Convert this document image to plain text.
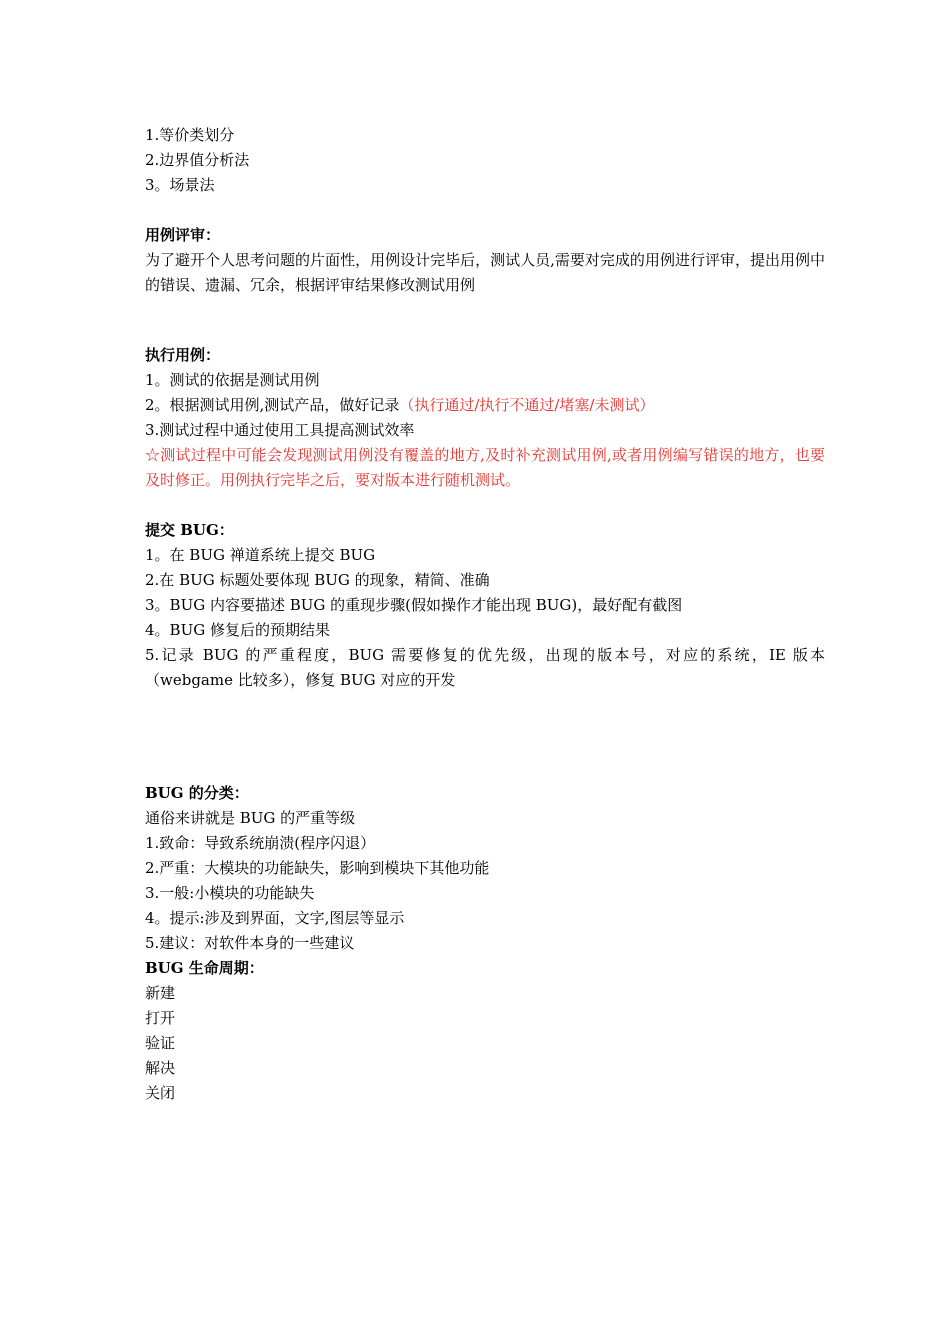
1.等价类划分
2.边界值分析法
3。场景法
用例评审：
为了避开个人思考问题的片面性，用例设计完毕后，测试人员,需要对完成的用例进行评审，提出用例中的错误、遗漏、冗余，根据评审结果修改测试用例
执行用例：
1。测试的依据是测试用例
2。根据测试用例,测试产品，做好记录（执行通过/执行不通过/堵塞/未测试）
3.测试过程中通过使用工具提高测试效率
☆测试过程中可能会发现测试用例没有覆盖的地方,及时补充测试用例,或者用例编写错误的地方，也要及时修正。用例执行完毕之后，要对版本进行随机测试。
提交 BUG：
1。在 BUG 禅道系统上提交 BUG
2.在 BUG 标题处要体现 BUG 的现象，精简、准确
3。BUG 内容要描述 BUG 的重现步骤(假如操作才能出现 BUG)，最好配有截图
4。BUG 修复后的预期结果
5.记录 BUG 的严重程度，BUG 需要修复的优先级，出现的版本号，对应的系统，IE 版本（webgame 比较多），修复 BUG 对应的开发
BUG 的分类：
通俗来讲就是 BUG 的严重等级
1.致命：导致系统崩溃(程序闪退）
2.严重：大模块的功能缺失，影响到模块下其他功能
3.一般:小模块的功能缺失
4。提示:涉及到界面，文字,图层等显示
5.建议：对软件本身的一些建议
BUG 生命周期：
新建
打开
验证
解决
关闭
